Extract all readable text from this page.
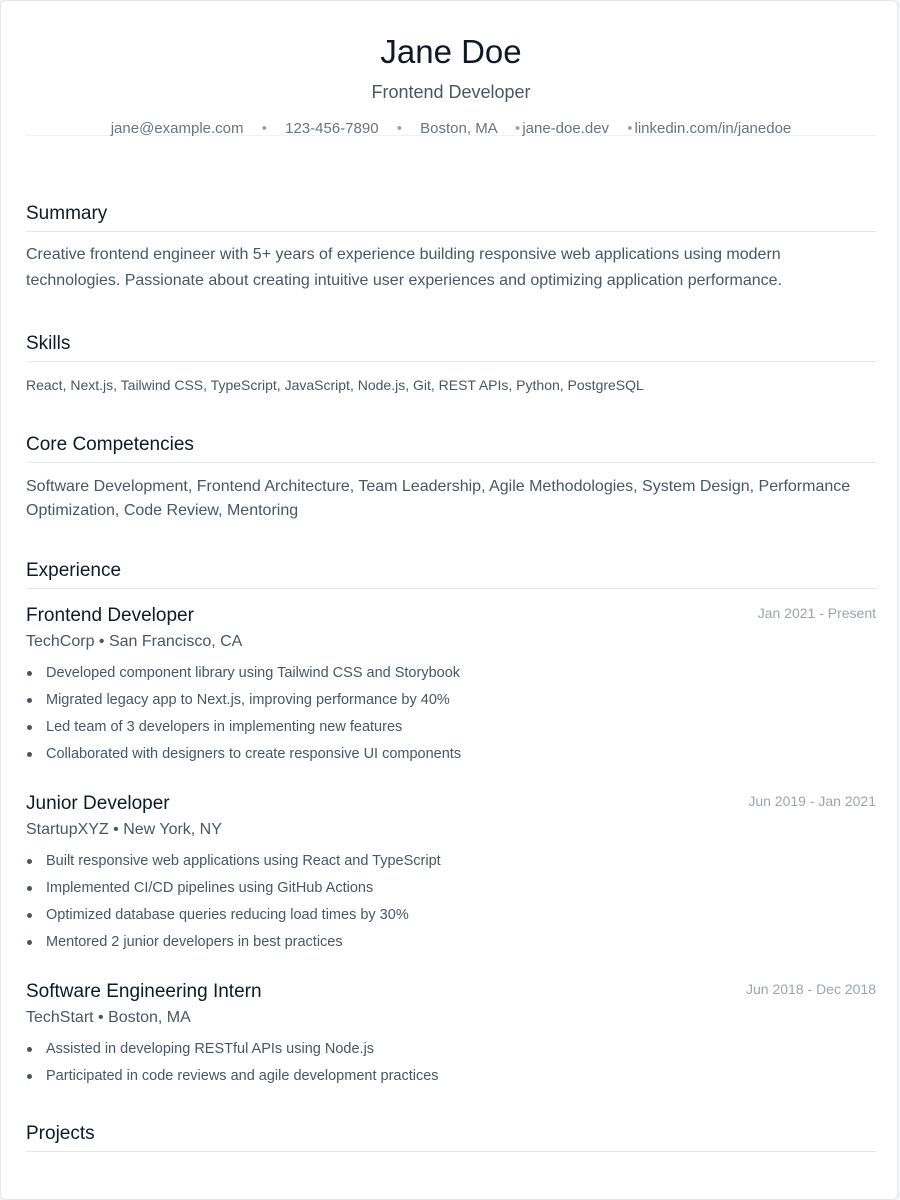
Jane Doe
Frontend Developer
jane@example.com • 123-456-7890 • Boston, MA • jane-doe.dev • linkedin.com/in/janedoe
Summary
Creative frontend engineer with 5+ years of experience building responsive web applications using modern technologies. Passionate about creating intuitive user experiences and optimizing application performance.
Skills
React, Next.js, Tailwind CSS, TypeScript, JavaScript, Node.js, Git, REST APIs, Python, PostgreSQL
Core Competencies
Software Development, Frontend Architecture, Team Leadership, Agile Methodologies, System Design, Performance Optimization, Code Review, Mentoring
Experience
Frontend Developer	Jan 2021 - Present
TechCorp • San Francisco, CA
Developed component library using Tailwind CSS and Storybook
Migrated legacy app to Next.js, improving performance by 40%
Led team of 3 developers in implementing new features
Collaborated with designers to create responsive UI components
Junior Developer	Jun 2019 - Jan 2021
StartupXYZ • New York, NY
Built responsive web applications using React and TypeScript
Implemented CI/CD pipelines using GitHub Actions
Optimized database queries reducing load times by 30%
Mentored 2 junior developers in best practices
Software Engineering Intern	Jun 2018 - Dec 2018
TechStart • Boston, MA
Assisted in developing RESTful APIs using Node.js
Participated in code reviews and agile development practices
Projects
